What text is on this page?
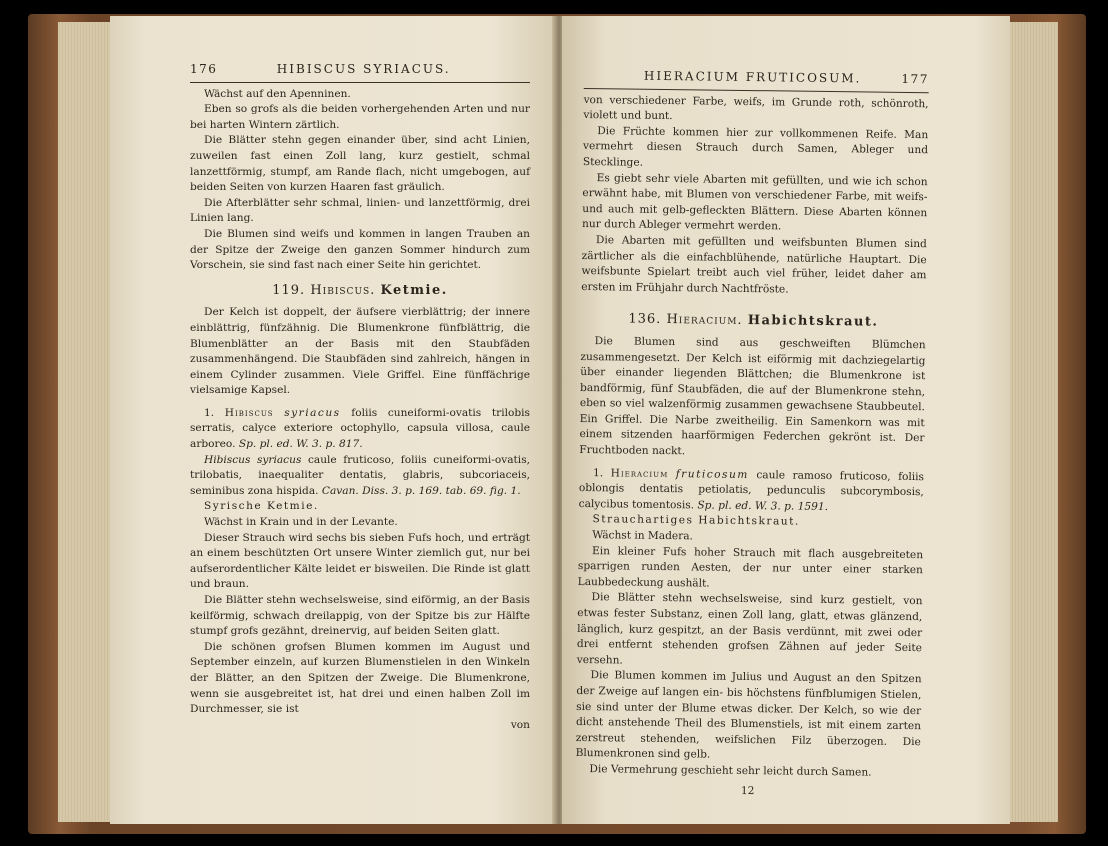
176	HIBISCUS SYRIACUS.

Wächst auf den Apenninen.

Eben so grofs als die beiden vorhergehenden Arten und nur bei harten Wintern zärtlich.

Die Blätter stehn gegen einander über, sind acht Linien, zuweilen fast einen Zoll lang, kurz gestielt, schmal lanzettförmig, stumpf, am Rande flach, nicht umgebogen, auf beiden Seiten von kurzen Haaren fast gräulich.

Die Afterblätter sehr schmal, linien- und lanzettförmig, drei Linien lang.

Die Blumen sind weifs und kommen in langen Trauben an der Spitze der Zweige den ganzen Sommer hindurch zum Vorschein, sie sind fast nach einer Seite hin gerichtet.

119. Hibiscus. Ketmie.

Der Kelch ist doppelt, der äufsere vierblättrig; der innere einblättrig, fünfzähnig. Die Blumenkrone fünfblättrig, die Blumenblätter an der Basis mit den Staubfäden zusammenhängend. Die Staubfäden sind zahlreich, hängen in einem Cylinder zusammen. Viele Griffel. Eine fünffächrige vielsamige Kapsel.

1. Hibiscus syriacus foliis cuneiformi-ovatis trilobis serratis, calyce exteriore octophyllo, capsula villosa, caule arboreo. Sp. pl. ed. W. 3. p. 817.

Hibiscus syriacus caule fruticoso, foliis cuneiformi-ovatis, trilobatis, inaequaliter dentatis, glabris, subcoriaceis, seminibus zona hispida. Cavan. Diss. 3. p. 169. tab. 69. fig. 1.

Syrische Ketmie.

Wächst in Krain und in der Levante.

Dieser Strauch wird sechs bis sieben Fufs hoch, und erträgt an einem beschützten Ort unsere Winter ziemlich gut, nur bei aufserordentlicher Kälte leidet er bisweilen. Die Rinde ist glatt und braun.

Die Blätter stehn wechselsweise, sind eiförmig, an der Basis keilförmig, schwach dreilappig, von der Spitze bis zur Hälfte stumpf grofs gezähnt, dreinervig, auf beiden Seiten glatt.

Die schönen grofsen Blumen kommen im August und September einzeln, auf kurzen Blumenstielen in den Winkeln der Blätter, an den Spitzen der Zweige. Die Blumenkrone, wenn sie ausgebreitet ist, hat drei und einen halben Zoll im Durchmesser, sie ist

von

HIERACIUM FRUTICOSUM.	177

von verschiedener Farbe, weifs, im Grunde roth, schönroth, violett und bunt.

Die Früchte kommen hier zur vollkommenen Reife. Man vermehrt diesen Strauch durch Samen, Ableger und Stecklinge.

Es giebt sehr viele Abarten mit gefüllten, und wie ich schon erwähnt habe, mit Blumen von verschiedener Farbe, mit weifs- und auch mit gelb-gefleckten Blättern. Diese Abarten können nur durch Ableger vermehrt werden.

Die Abarten mit gefüllten und weifsbunten Blumen sind zärtlicher als die einfachblühende, natürliche Hauptart. Die weifsbunte Spielart treibt auch viel früher, leidet daher am ersten im Frühjahr durch Nachtfröste.

136. Hieracium. Habichtskraut.

Die Blumen sind aus geschweiften Blümchen zusammengesetzt. Der Kelch ist eiförmig mit dachziegelartig über einander liegenden Blättchen; die Blumenkrone ist bandförmig, fünf Staubfäden, die auf der Blumenkrone stehn, eben so viel walzenförmig zusammen gewachsene Staubbeutel. Ein Griffel. Die Narbe zweitheilig. Ein Samenkorn was mit einem sitzenden haarförmigen Federchen gekrönt ist. Der Fruchtboden nackt.

1. Hieracium fruticosum caule ramoso fruticoso, foliis oblongis dentatis petiolatis, pedunculis subcorymbosis, calycibus tomentosis. Sp. pl. ed. W. 3. p. 1591.

Strauchartiges Habichtskraut.

Wächst in Madera.

Ein kleiner Fufs hoher Strauch mit flach ausgebreiteten sparrigen runden Aesten, der nur unter einer starken Laubbedeckung aushält.

Die Blätter stehn wechselsweise, sind kurz gestielt, von etwas fester Substanz, einen Zoll lang, glatt, etwas glänzend, länglich, kurz gespitzt, an der Basis verdünnt, mit zwei oder drei entfernt stehenden grofsen Zähnen auf jeder Seite versehn.

Die Blumen kommen im Julius und August an den Spitzen der Zweige auf langen ein- bis höchstens fünfblumigen Stielen, sie sind unter der Blume etwas dicker. Der Kelch, so wie der dicht anstehende Theil des Blumenstiels, ist mit einem zarten zerstreut stehenden, weifslichen Filz überzogen. Die Blumenkronen sind gelb.

Die Vermehrung geschieht sehr leicht durch Samen.

12
